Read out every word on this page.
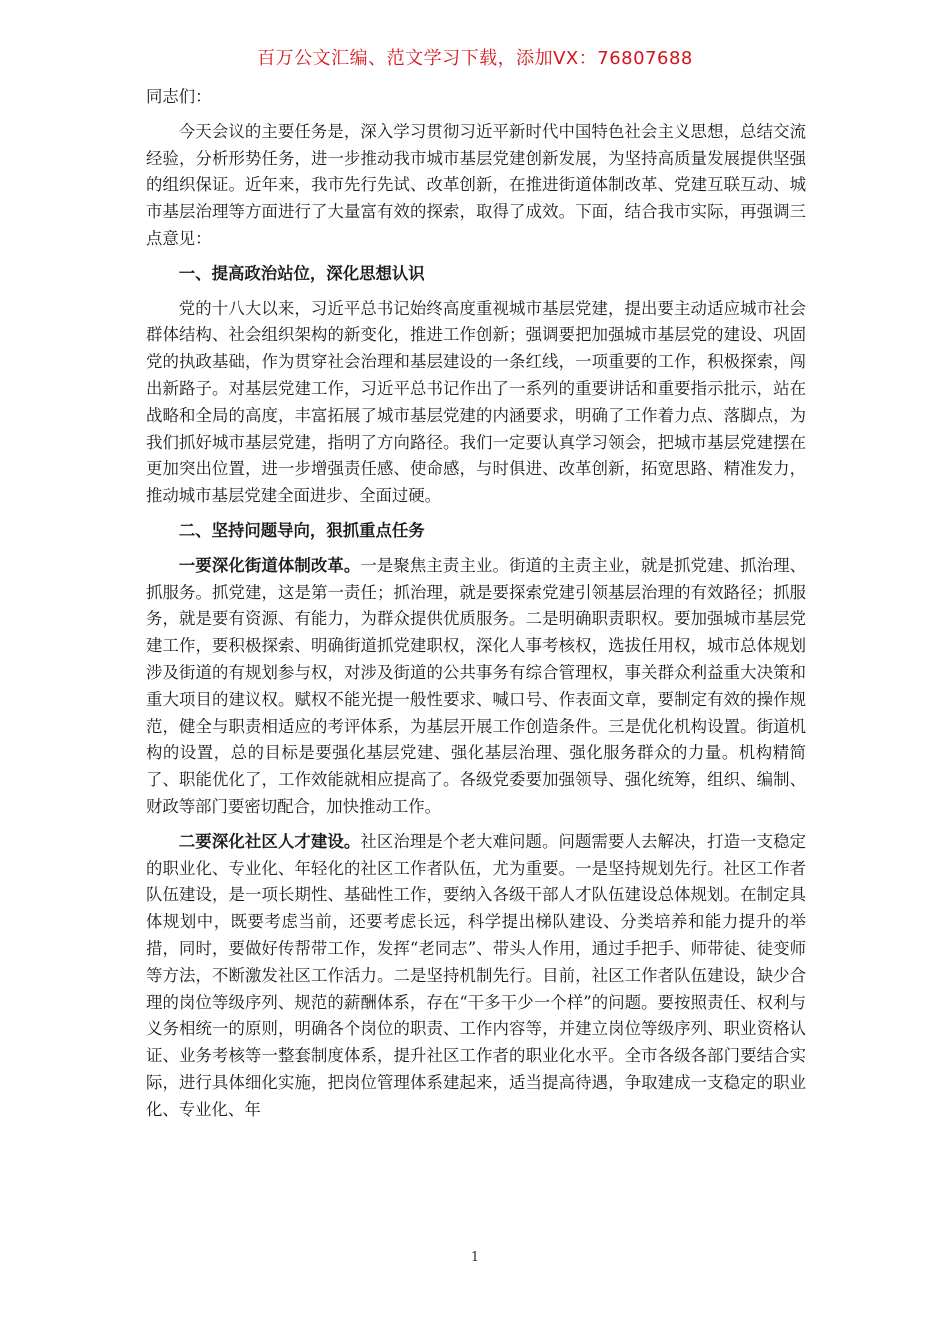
百万公文汇编、范文学习下载，添加VX：76807688

同志们：

今天会议的主要任务是，深入学习贯彻习近平新时代中国特色社会主义思想，总结交流经验，分析形势任务，进一步推动我市城市基层党建创新发展，为坚持高质量发展提供坚强的组织保证。近年来，我市先行先试、改革创新，在推进街道体制改革、党建互联互动、城市基层治理等方面进行了大量富有效的探索，取得了成效。下面，结合我市实际，再强调三点意见：

一、提高政治站位，深化思想认识

党的十八大以来，习近平总书记始终高度重视城市基层党建，提出要主动适应城市社会群体结构、社会组织架构的新变化，推进工作创新；强调要把加强城市基层党的建设、巩固党的执政基础，作为贯穿社会治理和基层建设的一条红线，一项重要的工作，积极探索，闯出新路子。对基层党建工作，习近平总书记作出了一系列的重要讲话和重要指示批示，站在战略和全局的高度，丰富拓展了城市基层党建的内涵要求，明确了工作着力点、落脚点，为我们抓好城市基层党建，指明了方向路径。我们一定要认真学习领会，把城市基层党建摆在更加突出位置，进一步增强责任感、使命感，与时俱进、改革创新，拓宽思路、精准发力，推动城市基层党建全面进步、全面过硬。

二、坚持问题导向，狠抓重点任务

一要深化街道体制改革。一是聚焦主责主业。街道的主责主业，就是抓党建、抓治理、抓服务。抓党建，这是第一责任；抓治理，就是要探索党建引领基层治理的有效路径；抓服务，就是要有资源、有能力，为群众提供优质服务。二是明确职责职权。要加强城市基层党建工作，要积极探索、明确街道抓党建职权，深化人事考核权，选拔任用权，城市总体规划涉及街道的有规划参与权，对涉及街道的公共事务有综合管理权，事关群众利益重大决策和重大项目的建议权。赋权不能光提一般性要求、喊口号、作表面文章，要制定有效的操作规范，健全与职责相适应的考评体系，为基层开展工作创造条件。三是优化机构设置。街道机构的设置，总的目标是要强化基层党建、强化基层治理、强化服务群众的力量。机构精简了、职能优化了，工作效能就相应提高了。各级党委要加强领导、强化统筹，组织、编制、财政等部门要密切配合，加快推动工作。

二要深化社区人才建设。社区治理是个老大难问题。问题需要人去解决，打造一支稳定的职业化、专业化、年轻化的社区工作者队伍，尤为重要。一是坚持规划先行。社区工作者队伍建设，是一项长期性、基础性工作，要纳入各级干部人才队伍建设总体规划。在制定具体规划中，既要考虑当前，还要考虑长远，科学提出梯队建设、分类培养和能力提升的举措，同时，要做好传帮带工作，发挥“老同志”、带头人作用，通过手把手、师带徒、徒变师等方法，不断激发社区工作活力。二是坚持机制先行。目前，社区工作者队伍建设，缺少合理的岗位等级序列、规范的薪酬体系，存在“干多干少一个样”的问题。要按照责任、权利与义务相统一的原则，明确各个岗位的职责、工作内容等，并建立岗位等级序列、职业资格认证、业务考核等一整套制度体系，提升社区工作者的职业化水平。全市各级各部门要结合实际，进行具体细化实施，把岗位管理体系建起来，适当提高待遇，争取建成一支稳定的职业化、专业化、年

1
